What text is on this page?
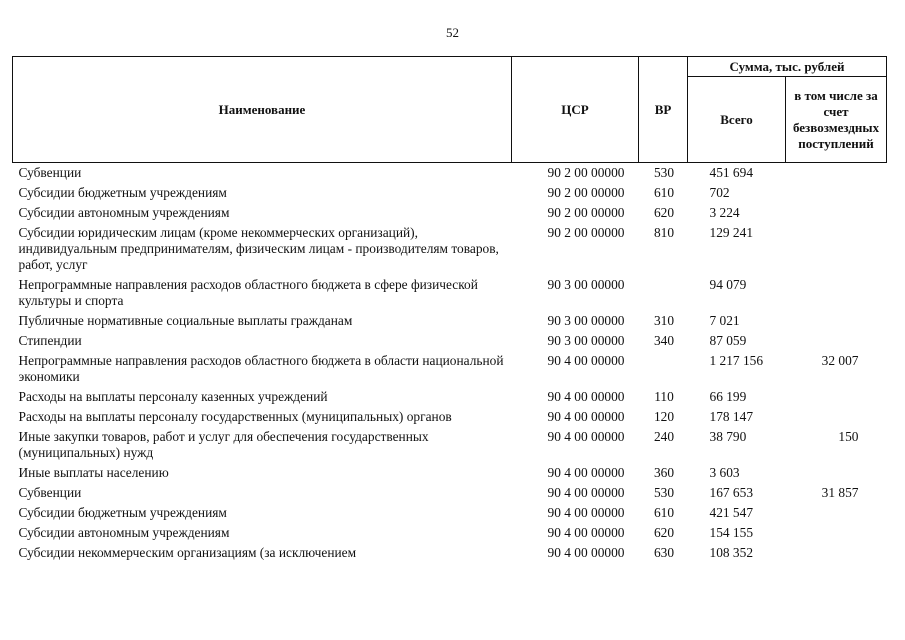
52
Наименование	ЦСР	ВР	Сумма, тыс. рублей	
			Всего	в том числе за счет безвозмездных поступлений
Субвенции	90 2 00 00000	530	451 694	
Субсидии бюджетным учреждениям	90 2 00 00000	610	702	
Субсидии автономным учреждениям	90 2 00 00000	620	3 224	
Субсидии юридическим лицам (кроме некоммерческих организаций), индивидуальным предпринимателям, физическим лицам - производителям товаров, работ, услуг	90 2 00 00000	810	129 241	
Непрограммные направления расходов областного бюджета в сфере физической культуры и спорта	90 3 00 00000		94 079	
Публичные нормативные социальные выплаты гражданам	90 3 00 00000	310	7 021	
Стипендии	90 3 00 00000	340	87 059	
Непрограммные направления расходов областного бюджета в области национальной экономики	90 4 00 00000		1 217 156	32 007
Расходы на выплаты персоналу казенных учреждений	90 4 00 00000	110	66 199	
Расходы на выплаты персоналу государственных (муниципальных) органов	90 4 00 00000	120	178 147	
Иные закупки товаров, работ и услуг для обеспечения государственных (муниципальных) нужд	90 4 00 00000	240	38 790	150
Иные выплаты населению	90 4 00 00000	360	3 603	
Субвенции	90 4 00 00000	530	167 653	31 857
Субсидии бюджетным учреждениям	90 4 00 00000	610	421 547	
Субсидии автономным учреждениям	90 4 00 00000	620	154 155	
Субсидии некоммерческим организациям (за исключением	90 4 00 00000	630	108 352	
